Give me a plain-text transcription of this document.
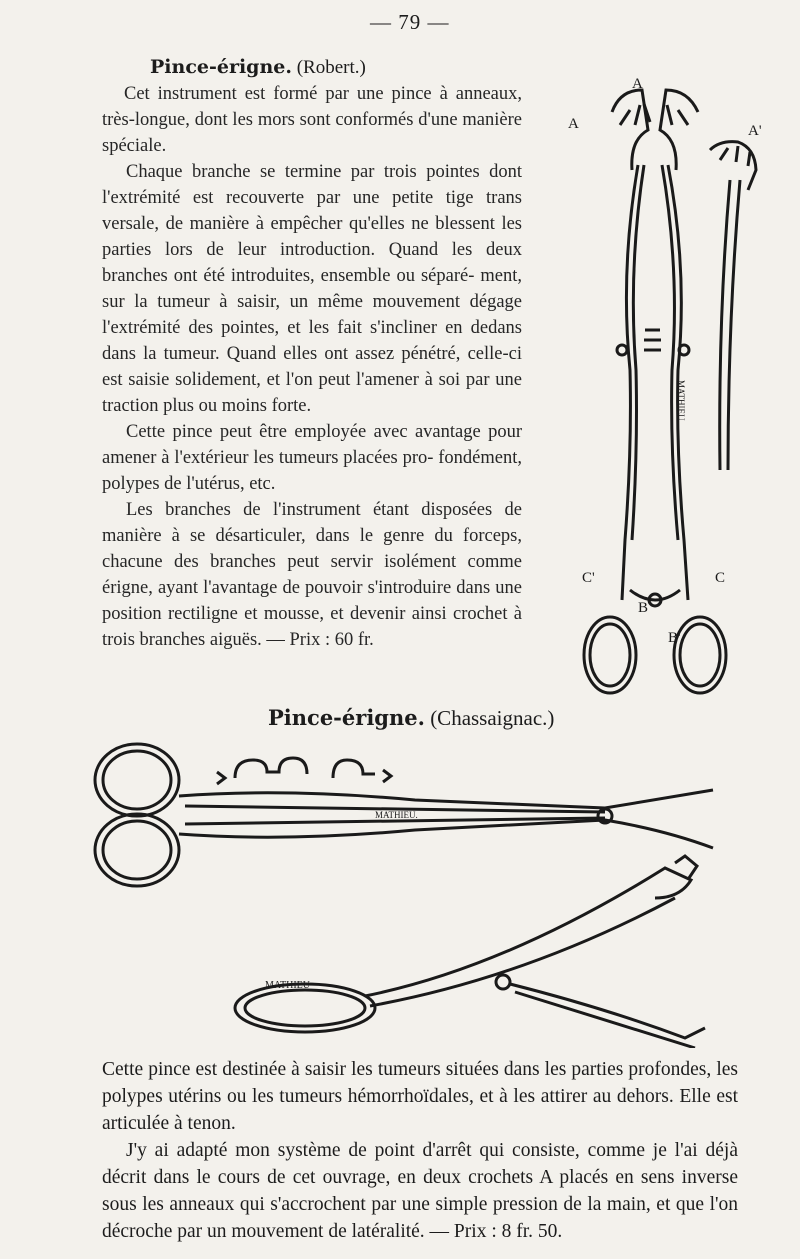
— 79 —

Pince-érigne. (Robert.)

Cet instrument est formé par une pince à anneaux, très-longue, dont les mors sont conformés d'une manière spéciale.

Chaque branche se termine par trois pointes dont l'extrémité est recouverte par une petite tige trans versale, de manière à empêcher qu'elles ne blessent les parties lors de leur introduction. Quand les deux branches ont été introduites, ensemble ou séparé- ment, sur la tumeur à saisir, un même mouvement dégage l'extrémité des pointes, et les fait s'incliner en dedans dans la tumeur. Quand elles ont assez pénétré, celle-ci est saisie solidement, et l'on peut l'amener à soi par une traction plus ou moins forte.

Cette pince peut être employée avec avantage pour amener à l'extérieur les tumeurs placées pro- fondément, polypes de l'utérus, etc.

Les branches de l'instrument étant disposées de manière à se désarticuler, dans le genre du forceps, chacune des branches peut servir isolément comme érigne, ayant l'avantage de pouvoir s'introduire dans une position rectiligne et mousse, et devenir ainsi crochet à trois branches aiguës. — Prix : 60 fr.

MATHIEU
A
A
A'
C'	C
B
B'

Pince-érigne. (Chassaignac.)

MATHIEU.
MATHIEU

Cette pince est destinée à saisir les tumeurs situées dans les parties profondes, les polypes utérins ou les tumeurs hémorrhoïdales, et à les attirer au dehors. Elle est articulée à tenon.

J'y ai adapté mon système de point d'arrêt qui consiste, comme je l'ai déjà décrit dans le cours de cet ouvrage, en deux crochets A placés en sens inverse sous les anneaux qui s'accrochent par une simple pression de la main, et que l'on décroche par un mouvement de latéralité. — Prix : 8 fr. 50.
